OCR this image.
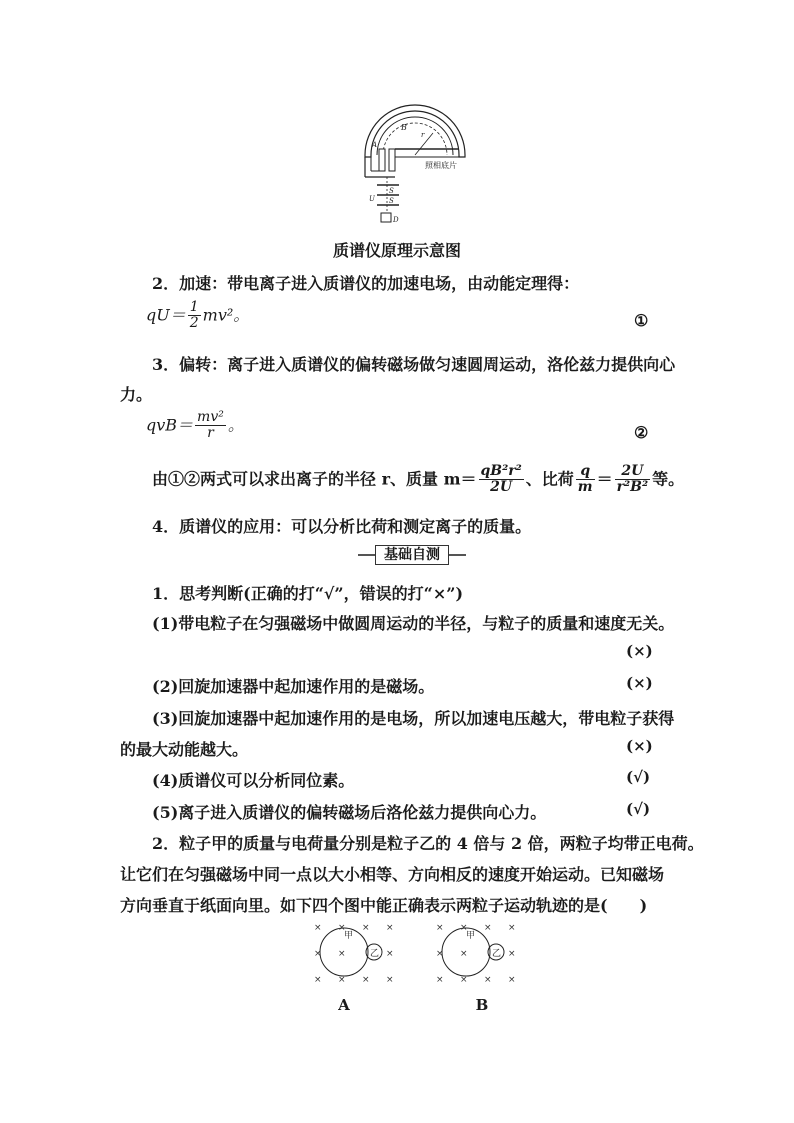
B
r
A
照相底片
S
S
U
D
质谱仪原理示意图
2．加速：带电离子进入质谱仪的加速电场，由动能定理得：
$qU= \frac{1}{2} mv^2$。	①
3．偏转：离子进入质谱仪的偏转磁场做匀速圆周运动，洛伦兹力提供向心
力。
$qvB= \frac{\text{mv²}}{r}$ 。	②
由①②两式可以求出离子的半径 r、质量 $m= \frac{\text{qB²r²}}{2U}$ 、比荷 $\frac{q}{m} = \frac{2U}{\text{r²B²}}$ 等。
4．质谱仪的应用：可以分析比荷和测定离子的质量。
基础自测
1．思考判断(正确的打“√”，错误的打“×”)
(1)带电粒子在匀强磁场中做圆周运动的半径，与粒子的质量和速度无关。
(×)
(2)回旋加速器中起加速作用的是磁场。	(×)
(3)回旋加速器中起加速作用的是电场，所以加速电压越大，带电粒子获得
的最大动能越大。	(×)
(4)质谱仪可以分析同位素。	(√)
(5)离子进入质谱仪的偏转磁场后洛伦兹力提供向心力。	(√)
2．粒子甲的质量与电荷量分别是粒子乙的 4 倍与 2 倍，两粒子均带正电荷。
让它们在匀强磁场中同一点以大小相等、方向相反的速度开始运动。已知磁场
方向垂直于纸面向里。如下四个图中能正确表示两粒子运动轨迹的是(　　)
× × × ×
× ×	×
× × × ×
甲
乙
A
× × × ×
× ×	×
× × × ×
甲
乙
B
